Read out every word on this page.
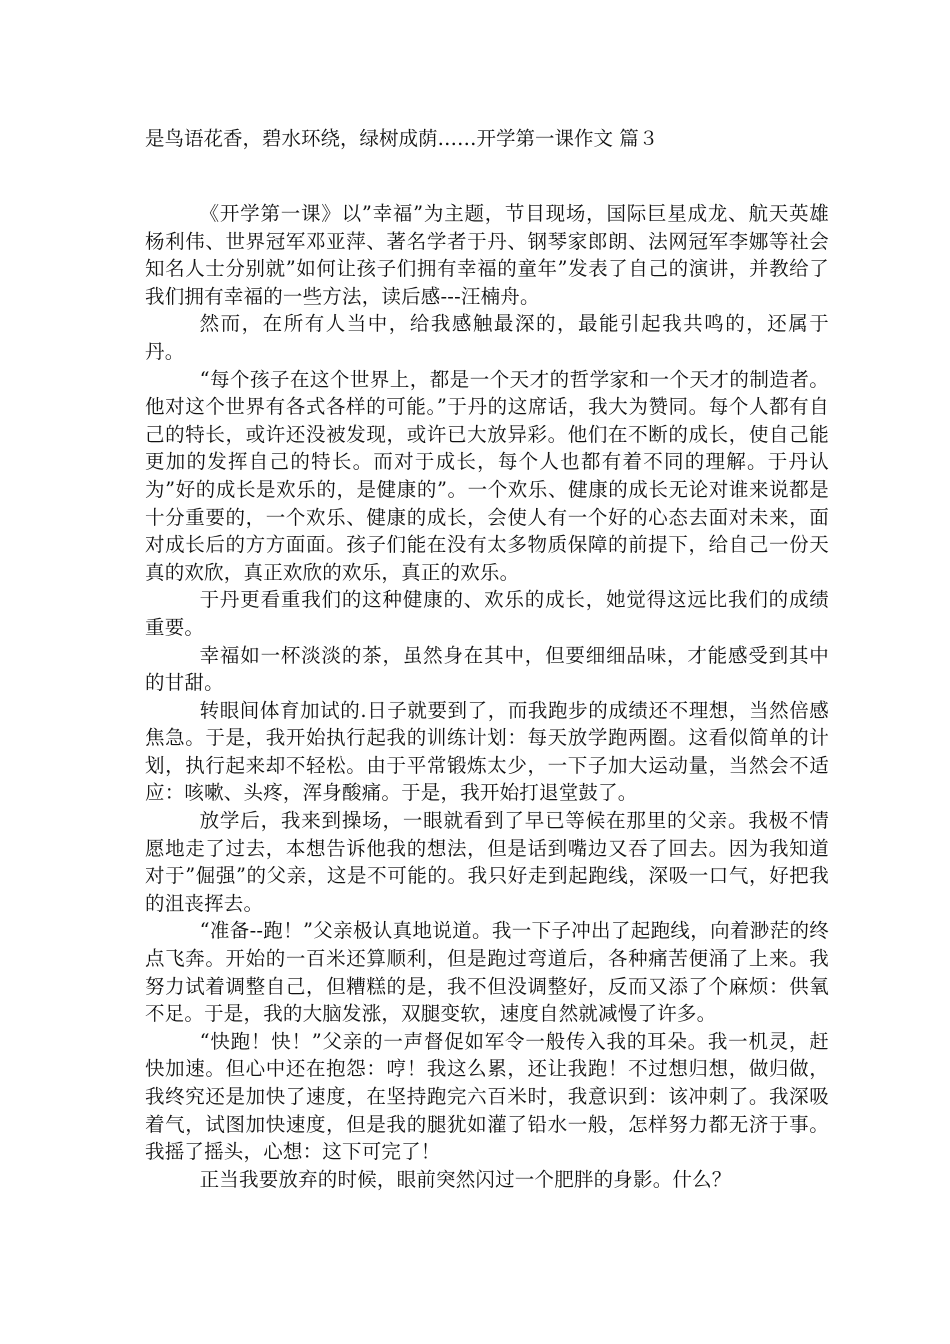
是鸟语花香，碧水环绕，绿树成荫……开学第一课作文 篇３

《开学第一课》以”幸福”为主题，节目现场，国际巨星成龙、航天英雄杨利伟、世界冠军邓亚萍、著名学者于丹、钢琴家郎朗、法网冠军李娜等社会知名人士分别就”如何让孩子们拥有幸福的童年”发表了自己的演讲，并教给了我们拥有幸福的一些方法，读后感---汪楠舟。

然而，在所有人当中，给我感触最深的，最能引起我共鸣的，还属于丹。

“每个孩子在这个世界上，都是一个天才的哲学家和一个天才的制造者。他对这个世界有各式各样的可能。”于丹的这席话，我大为赞同。每个人都有自己的特长，或许还没被发现，或许已大放异彩。他们在不断的成长，使自己能更加的发挥自己的特长。而对于成长，每个人也都有着不同的理解。于丹认为”好的成长是欢乐的，是健康的”。一个欢乐、健康的成长无论对谁来说都是十分重要的，一个欢乐、健康的成长，会使人有一个好的心态去面对未来，面对成长后的方方面面。孩子们能在没有太多物质保障的前提下，给自己一份天真的欢欣，真正欢欣的欢乐，真正的欢乐。

于丹更看重我们的这种健康的、欢乐的成长，她觉得这远比我们的成绩重要。

幸福如一杯淡淡的茶，虽然身在其中，但要细细品味，才能感受到其中的甘甜。

转眼间体育加试的.日子就要到了，而我跑步的成绩还不理想，当然倍感焦急。于是，我开始执行起我的训练计划：每天放学跑两圈。这看似简单的计划，执行起来却不轻松。由于平常锻炼太少，一下子加大运动量，当然会不适应：咳嗽、头疼，浑身酸痛。于是，我开始打退堂鼓了。

放学后，我来到操场，一眼就看到了早已等候在那里的父亲。我极不情愿地走了过去，本想告诉他我的想法，但是话到嘴边又吞了回去。因为我知道对于”倔强”的父亲，这是不可能的。我只好走到起跑线，深吸一口气，好把我的沮丧挥去。

“准备--跑！”父亲极认真地说道。我一下子冲出了起跑线，向着渺茫的终点飞奔。开始的一百米还算顺利，但是跑过弯道后，各种痛苦便涌了上来。我努力试着调整自己，但糟糕的是，我不但没调整好，反而又添了个麻烦：供氧不足。于是，我的大脑发涨，双腿变软，速度自然就减慢了许多。

“快跑！快！”父亲的一声督促如军令一般传入我的耳朵。我一机灵，赶快加速。但心中还在抱怨：哼！我这么累，还让我跑！不过想归想，做归做，我终究还是加快了速度，在坚持跑完六百米时，我意识到：该冲刺了。我深吸着气，试图加快速度，但是我的腿犹如灌了铅水一般，怎样努力都无济于事。我摇了摇头，心想：这下可完了！

正当我要放弃的时候，眼前突然闪过一个肥胖的身影。什么？
